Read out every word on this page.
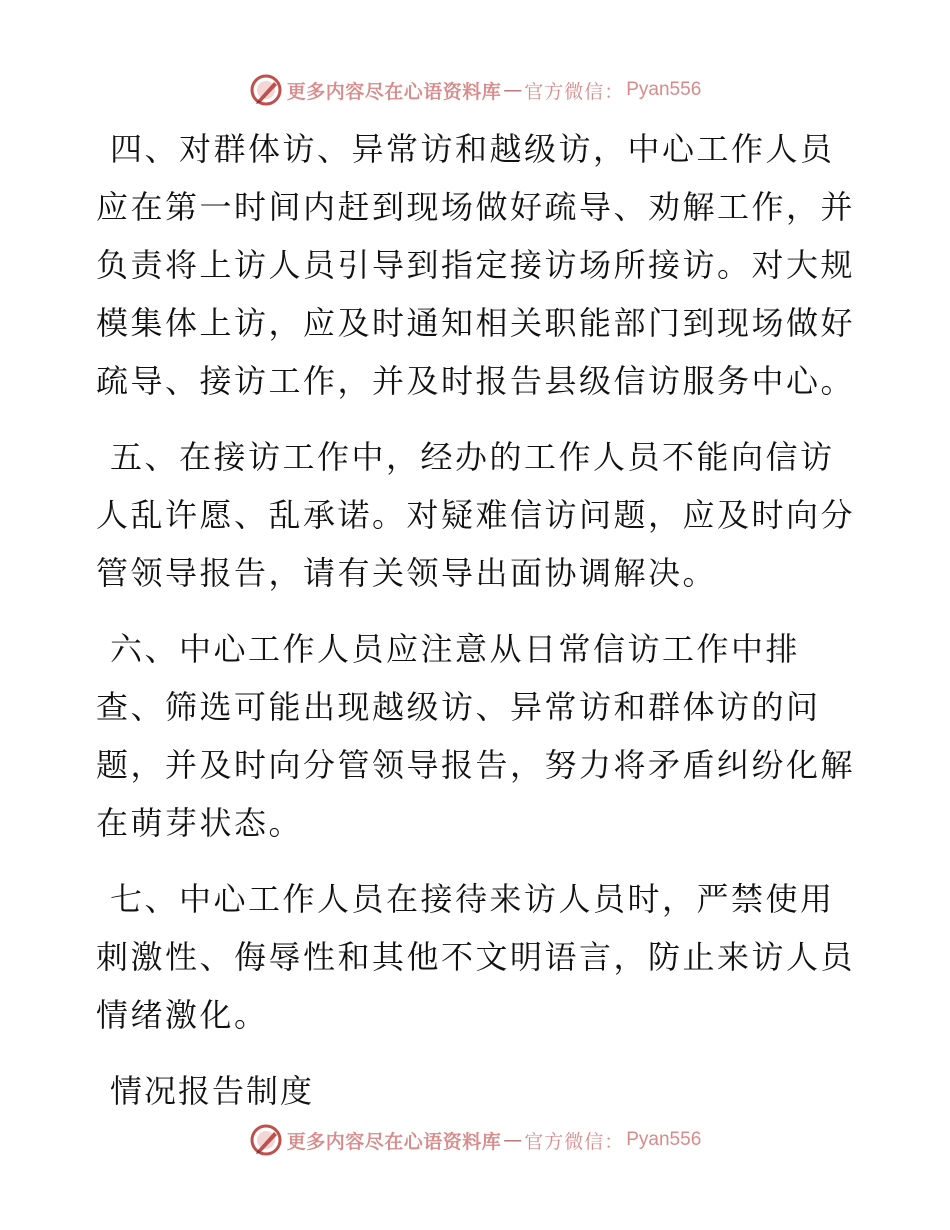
更多内容尽在心语资料库 — 官方微信： Pyan556

四、对群体访、异常访和越级访，中心工作人员应在第一时间内赶到现场做好疏导、劝解工作，并负责将上访人员引导到指定接访场所接访。对大规模集体上访，应及时通知相关职能部门到现场做好疏导、接访工作，并及时报告县级信访服务中心。

五、在接访工作中，经办的工作人员不能向信访人乱许愿、乱承诺。对疑难信访问题，应及时向分管领导报告，请有关领导出面协调解决。

六、中心工作人员应注意从日常信访工作中排查、筛选可能出现越级访、异常访和群体访的问题，并及时向分管领导报告，努力将矛盾纠纷化解在萌芽状态。

七、中心工作人员在接待来访人员时，严禁使用刺激性、侮辱性和其他不文明语言，防止来访人员情绪激化。

情况报告制度

更多内容尽在心语资料库 — 官方微信： Pyan556
